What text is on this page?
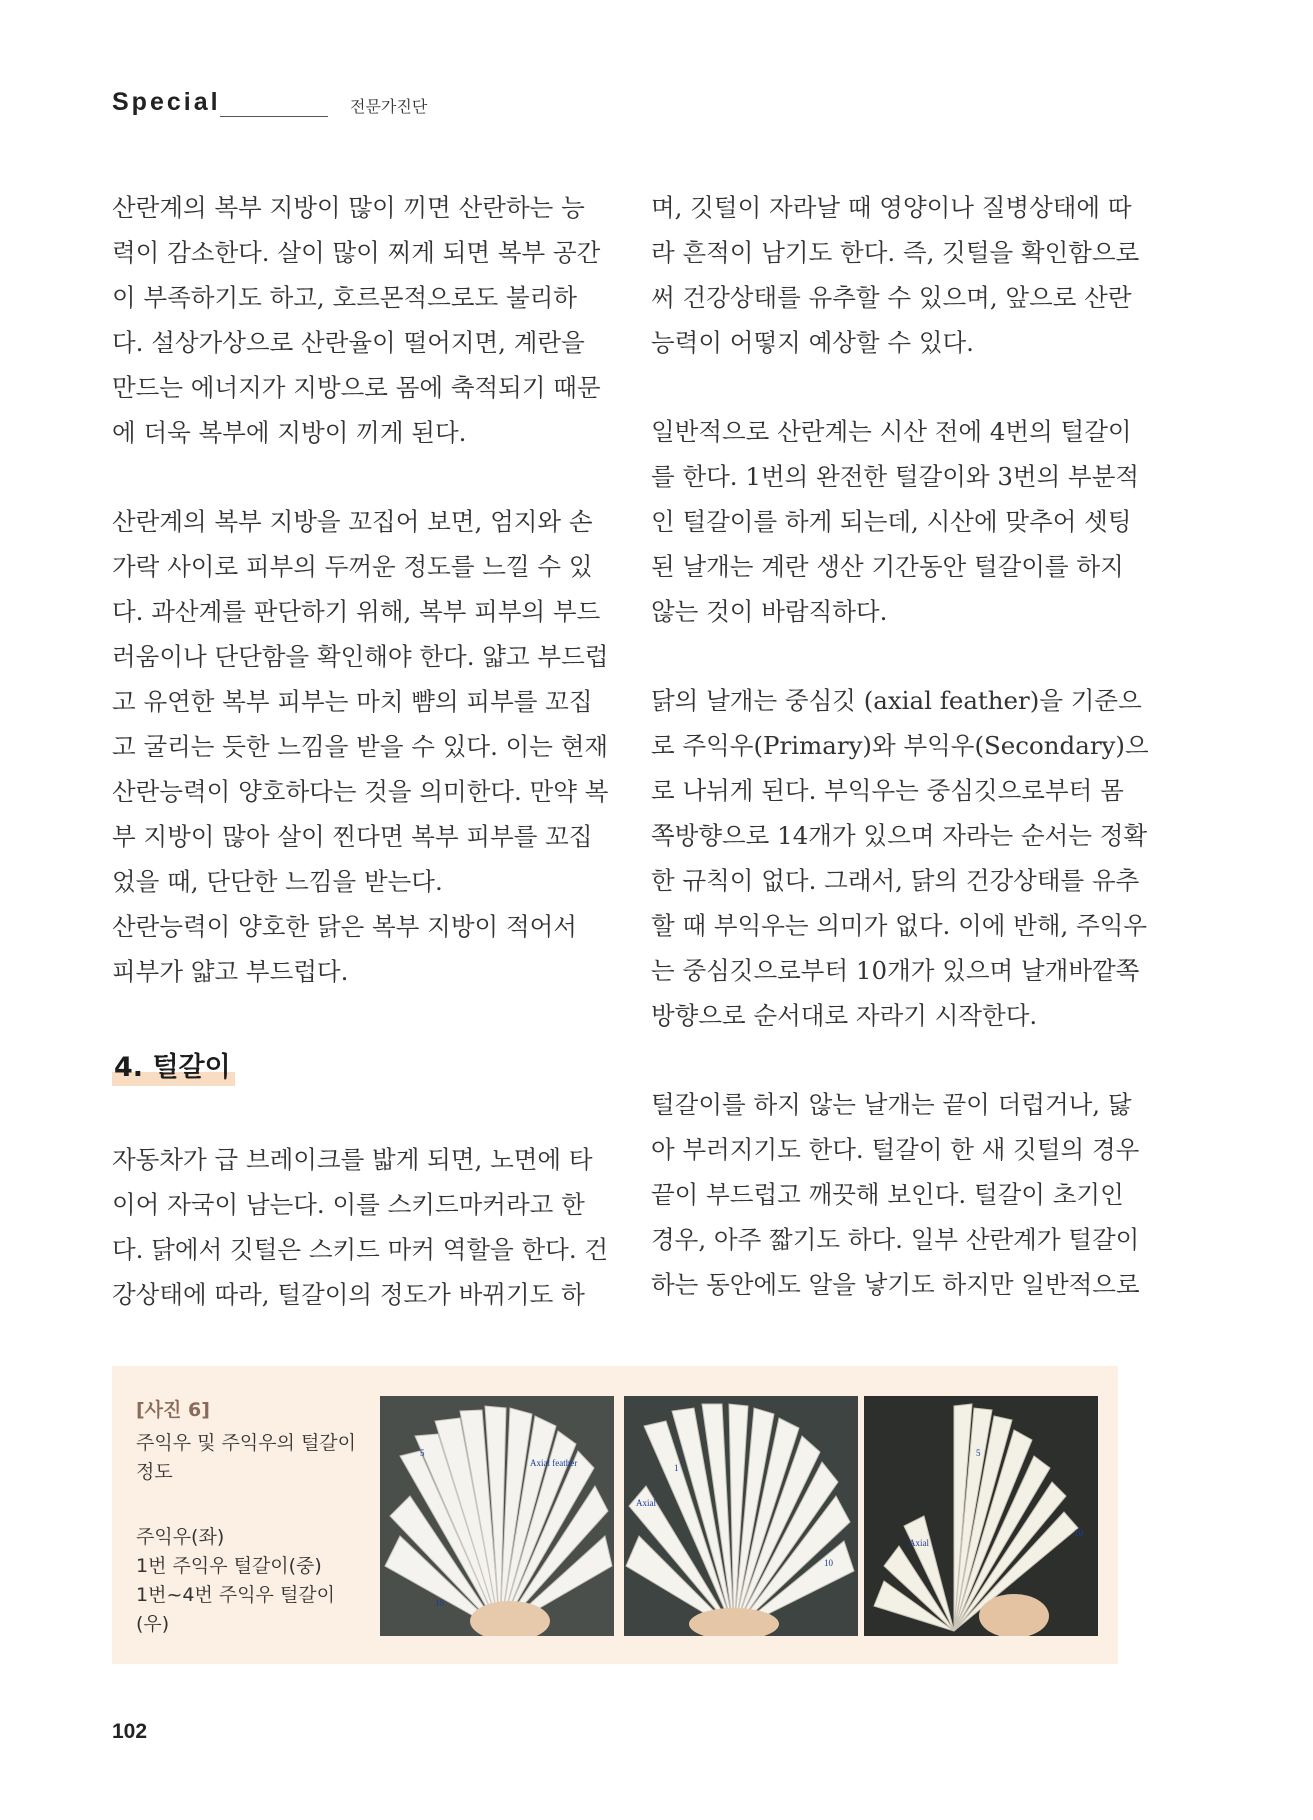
Special	전문가진단

산란계의 복부 지방이 많이 끼면 산란하는 능
력이 감소한다. 살이 많이 찌게 되면 복부 공간
이 부족하기도 하고, 호르몬적으로도 불리하
다. 설상가상으로 산란율이 떨어지면, 계란을
만드는 에너지가 지방으로 몸에 축적되기 때문
에 더욱 복부에 지방이 끼게 된다.

산란계의 복부 지방을 꼬집어 보면, 엄지와 손
가락 사이로 피부의 두꺼운 정도를 느낄 수 있
다. 과산계를 판단하기 위해, 복부 피부의 부드
러움이나 단단함을 확인해야 한다. 얇고 부드럽
고 유연한 복부 피부는 마치 뺨의 피부를 꼬집
고 굴리는 듯한 느낌을 받을 수 있다. 이는 현재
산란능력이 양호하다는 것을 의미한다. 만약 복
부 지방이 많아 살이 찐다면 복부 피부를 꼬집
었을 때, 단단한 느낌을 받는다.
산란능력이 양호한 닭은 복부 지방이 적어서
피부가 얇고 부드럽다.

4. 털갈이

자동차가 급 브레이크를 밟게 되면, 노면에 타
이어 자국이 남는다. 이를 스키드마커라고 한
다. 닭에서 깃털은 스키드 마커 역할을 한다. 건
강상태에 따라, 털갈이의 정도가 바뀌기도 하

며, 깃털이 자라날 때 영양이나 질병상태에 따
라 흔적이 남기도 한다. 즉, 깃털을 확인함으로
써 건강상태를 유추할 수 있으며, 앞으로 산란
능력이 어떻지 예상할 수 있다.

일반적으로 산란계는 시산 전에 4번의 털갈이
를 한다. 1번의 완전한 털갈이와 3번의 부분적
인 털갈이를 하게 되는데, 시산에 맞추어 셋팅
된 날개는 계란 생산 기간동안 털갈이를 하지
않는 것이 바람직하다.

닭의 날개는 중심깃 (axial feather)을 기준으
로 주익우(Primary)와 부익우(Secondary)으
로 나뉘게 된다. 부익우는 중심깃으로부터 몸
쪽방향으로 14개가 있으며 자라는 순서는 정확
한 규칙이 없다. 그래서, 닭의 건강상태를 유추
할 때 부익우는 의미가 없다. 이에 반해, 주익우
는 중심깃으로부터 10개가 있으며 날개바깥쪽
방향으로 순서대로 자라기 시작한다.

털갈이를 하지 않는 날개는 끝이 더럽거나, 닳
아 부러지기도 한다. 털갈이 한 새 깃털의 경우
끝이 부드럽고 깨끗해 보인다. 털갈이 초기인
경우, 아주 짧기도 하다. 일부 산란계가 털갈이
하는 동안에도 알을 낳기도 하지만 일반적으로

[사진 6]
주익우 및 주익우의 털갈이 정도
주익우(좌)
1번 주익우 털갈이(중)
1번~4번 주익우 털갈이(우)
Axial feather
10
5
Axial
1
10
Axial
5
10
102
